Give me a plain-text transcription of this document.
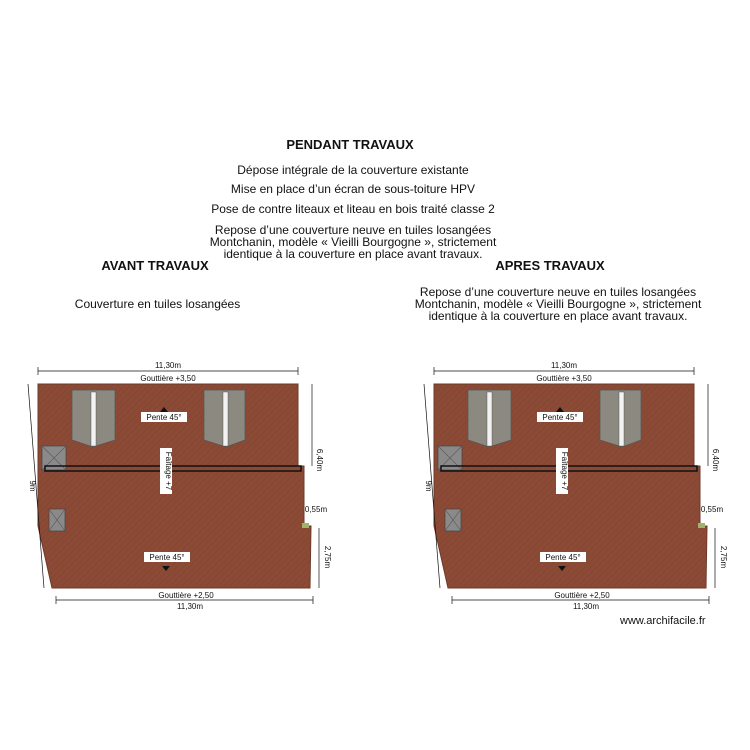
PENDANT TRAVAUX
Dépose intégrale de la couverture existante
Mise en place d’un écran de sous-toiture HPV
Pose de contre liteaux et liteau en bois traité classe 2
Repose d’une couverture neuve en tuiles losangées
Montchanin, modèle « Vieilli Bourgogne », strictement
identique à la couverture en place avant travaux.
AVANT TRAVAUX
Couverture en tuiles losangées
APRES TRAVAUX
Repose d’une couverture neuve en tuiles losangées
Montchanin, modèle « Vieilli Bourgogne », strictement
identique à la couverture en place avant travaux.
11,30m
Gouttière +3,50
9m
6,40m
0,55m
2,75m
Pente 45°
Faîtage +7
Pente 45°
Gouttière +2,50
11,30m
11,30m
Gouttière +3,50
9m
6,40m
0,55m
2,75m
Pente 45°
Faîtage +7
Pente 45°
Gouttière +2,50
11,30m
www.archifacile.fr
